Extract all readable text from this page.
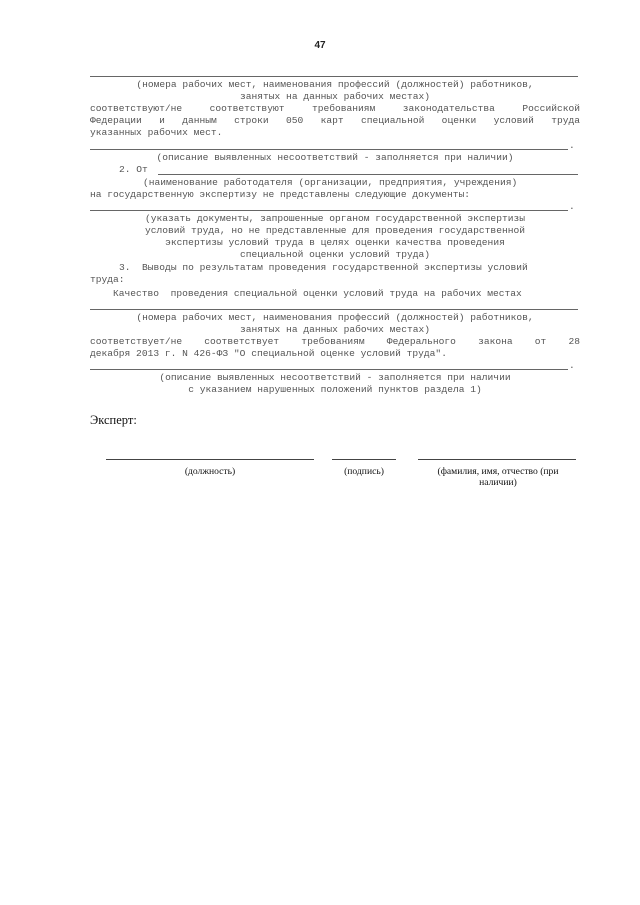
47
(номера рабочих мест, наименования профессий (должностей) работников,
занятых на данных рабочих местах)
соответствуют/не соответствуют требованиям законодательства Российской
Федерации и данным строки 050 карт специальной оценки условий труда
указанных рабочих мест.
.
(описание выявленных несоответствий - заполняется при наличии)
2. От
(наименование работодателя (организации, предприятия, учреждения)
на государственную экспертизу не представлены следующие документы:
.
(указать документы, запрошенные органом государственной экспертизы
условий труда, но не представленные для проведения государственной
экспертизы условий труда в целях оценки качества проведения
специальной оценки условий труда)
3.  Выводы по результатам проведения государственной экспертизы условий
труда:
Качество  проведения специальной оценки условий труда на рабочих местах
(номера рабочих мест, наименования профессий (должностей) работников,
занятых на данных рабочих местах)
соответствует/не соответствует требованиям Федерального закона от 28
декабря 2013 г. N 426-ФЗ "О специальной оценке условий труда".
.
(описание выявленных несоответствий - заполняется при наличии
с указанием нарушенных положений пунктов раздела 1)
Эксперт:
(должность)	(подпись)	(фамилия, имя, отчество (при
наличии)
